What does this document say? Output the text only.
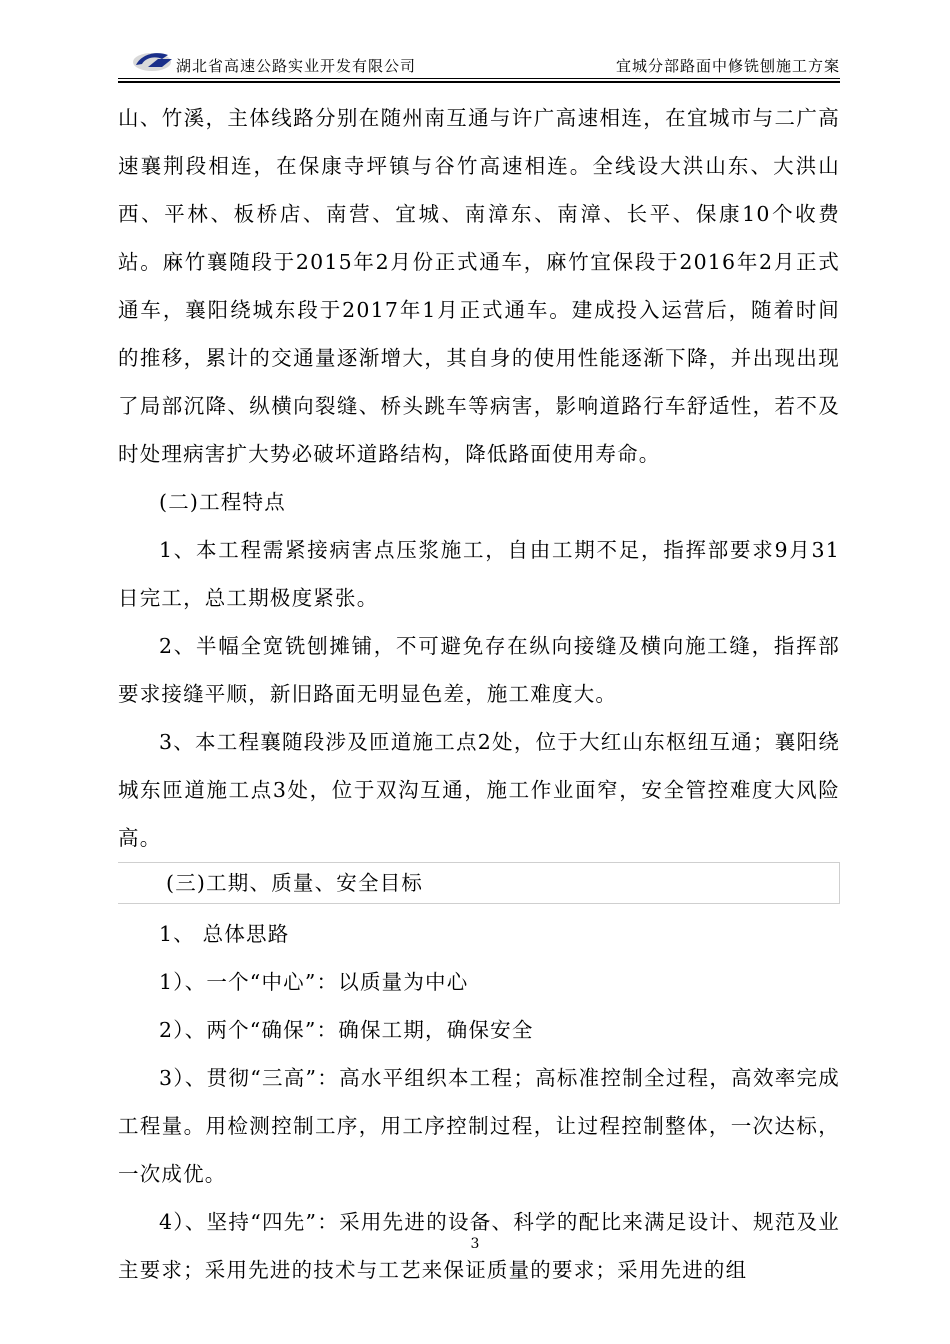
湖北省高速公路实业开发有限公司	宜城分部路面中修铣刨施工方案

山、竹溪，主体线路分别在随州南互通与许广高速相连，在宜城市与二广高速襄荆段相连，在保康寺坪镇与谷竹高速相连。全线设大洪山东、大洪山西、平林、板桥店、南营、宜城、南漳东、南漳、长平、保康10个收费站。麻竹襄随段于2015年2月份正式通车，麻竹宜保段于2016年2月正式通车，襄阳绕城东段于2017年1月正式通车。建成投入运营后，随着时间的推移，累计的交通量逐渐增大，其自身的使用性能逐渐下降，并出现出现了局部沉降、纵横向裂缝、桥头跳车等病害，影响道路行车舒适性，若不及时处理病害扩大势必破坏道路结构，降低路面使用寿命。

(二)工程特点

1、本工程需紧接病害点压浆施工，自由工期不足，指挥部要求9月31日完工，总工期极度紧张。

2、半幅全宽铣刨摊铺，不可避免存在纵向接缝及横向施工缝，指挥部要求接缝平顺，新旧路面无明显色差，施工难度大。

3、本工程襄随段涉及匝道施工点2处，位于大红山东枢纽互通；襄阳绕城东匝道施工点3处，位于双沟互通，施工作业面窄，安全管控难度大风险高。

(三)工期、质量、安全目标

1、 总体思路

1）、一个“中心”：以质量为中心

2）、两个“确保”：确保工期，确保安全

3）、贯彻“三高”：高水平组织本工程；高标准控制全过程，高效率完成工程量。用检测控制工序，用工序控制过程，让过程控制整体，一次达标，一次成优。

4）、坚持“四先”：采用先进的设备、科学的配比来满足设计、规范及业主要求；采用先进的技术与工艺来保证质量的要求；采用先进的组

3
